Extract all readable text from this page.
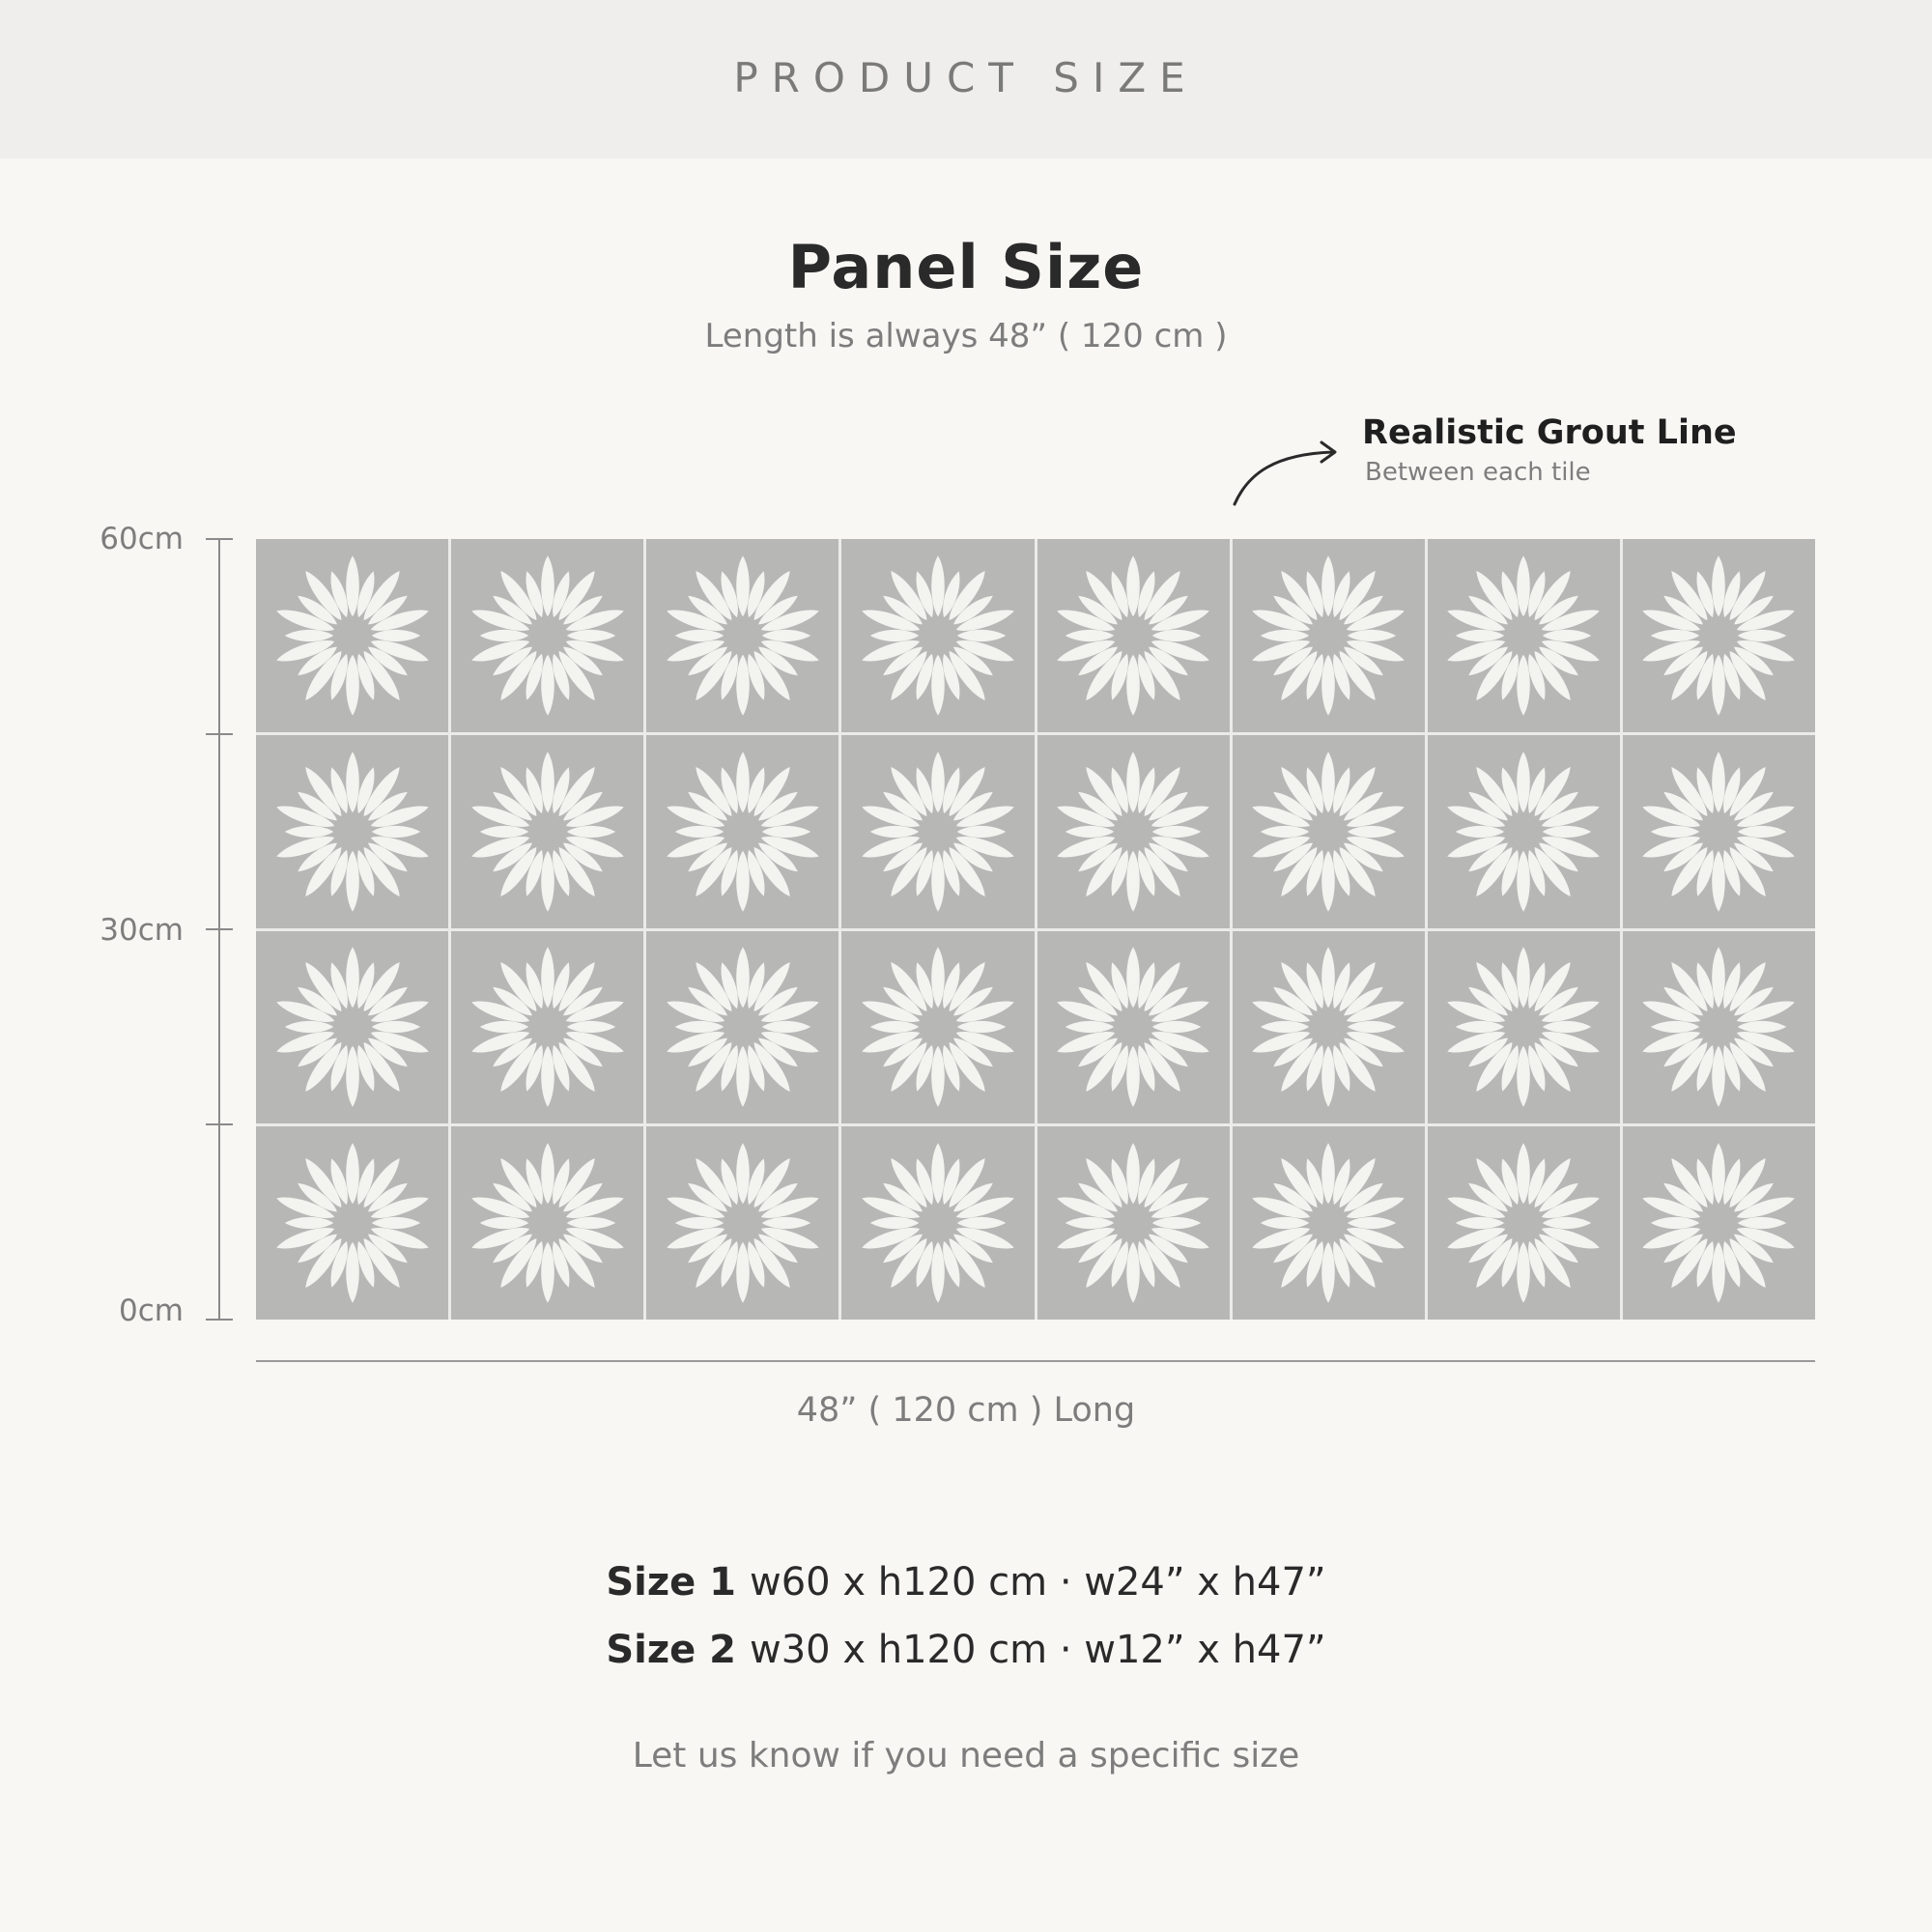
PRODUCT SIZE
Panel Size
Length is always 48” ( 120 cm )
Realistic Grout Line
Between each tile
60cm
30cm
0cm
48” ( 120 cm ) Long
Size 1 w60 x h120 cm · w24” x h47”
Size 2 w30 x h120 cm · w12” x h47”
Let us know if you need a specific size
